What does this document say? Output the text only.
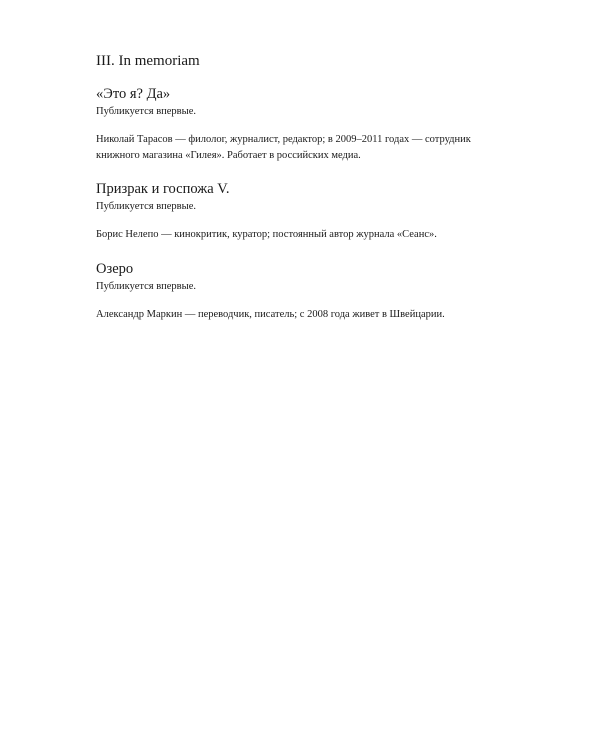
III. In memoriam
«Это я? Да»

Публикуется впервые.

Николай Тарасов — филолог, журналист, редактор; в 2009–2011 годах — сотрудник
книжного магазина «Гилея». Работает в российских медиа.

Призрак и госпожа V.

Публикуется впервые.

Борис Нелепо — кинокритик, куратор; постоянный автор журнала «Сеанс».

Озеро

Публикуется впервые.

Александр Маркин — переводчик, писатель; с 2008 года живет в Швейцарии.
